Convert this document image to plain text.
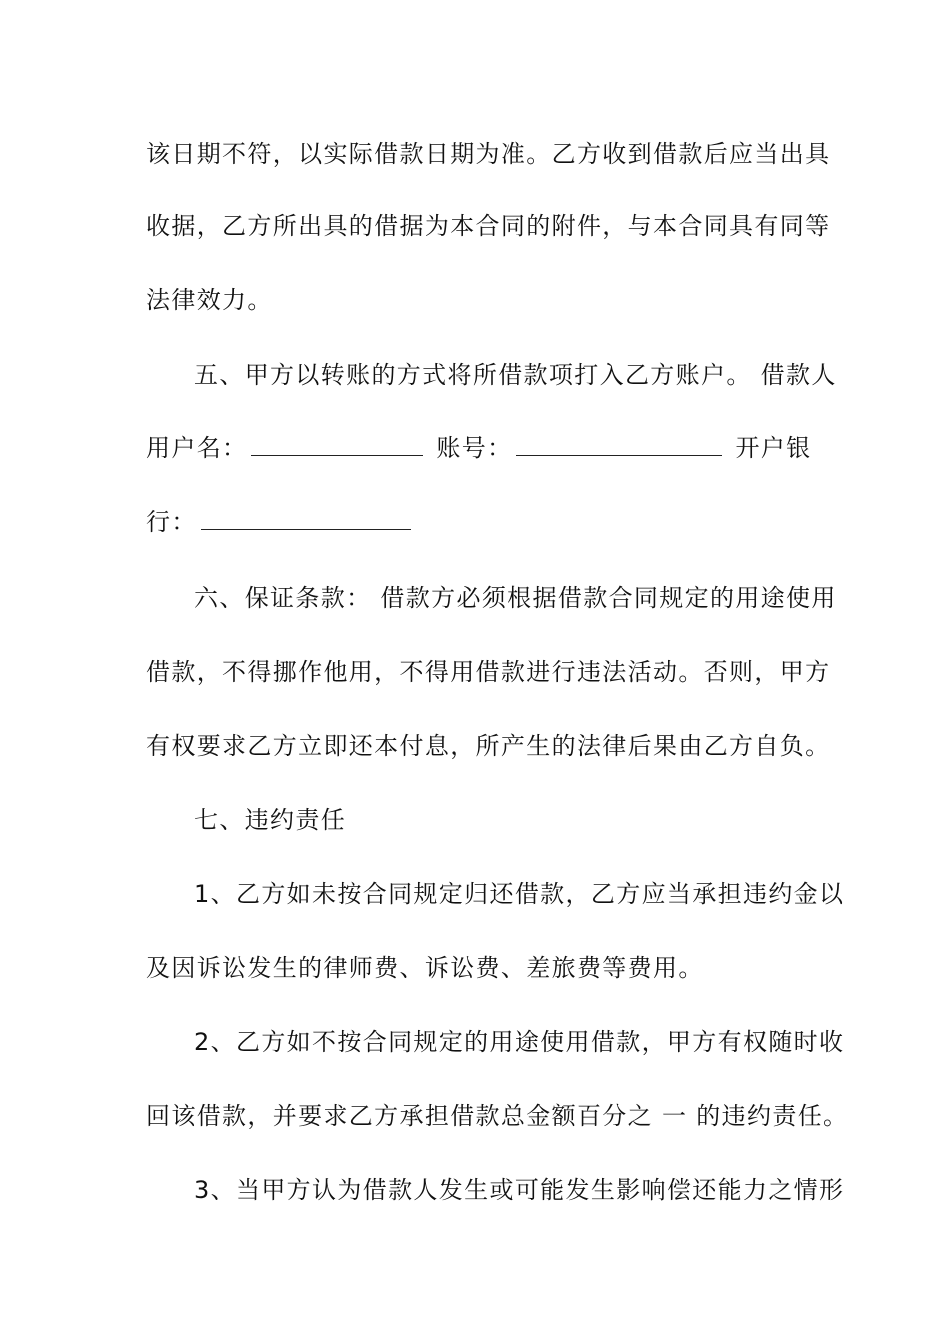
该日期不符，以实际借款日期为准。乙方收到借款后应当出具
收据，乙方所出具的借据为本合同的附件，与本合同具有同等
法律效力。
五、甲方以转账的方式将所借款项打入乙方账户。 借款人
用户名：	账号：	开户银
行：
六、保证条款： 借款方必须根据借款合同规定的用途使用
借款，不得挪作他用，不得用借款进行违法活动。否则，甲方
有权要求乙方立即还本付息，所产生的法律后果由乙方自负。
七、违约责任
1、乙方如未按合同规定归还借款，乙方应当承担违约金以
及因诉讼发生的律师费、诉讼费、差旅费等费用。
2、乙方如不按合同规定的用途使用借款，甲方有权随时收
回该借款，并要求乙方承担借款总金额百分之 一 的违约责任。
3、当甲方认为借款人发生或可能发生影响偿还能力之情形
